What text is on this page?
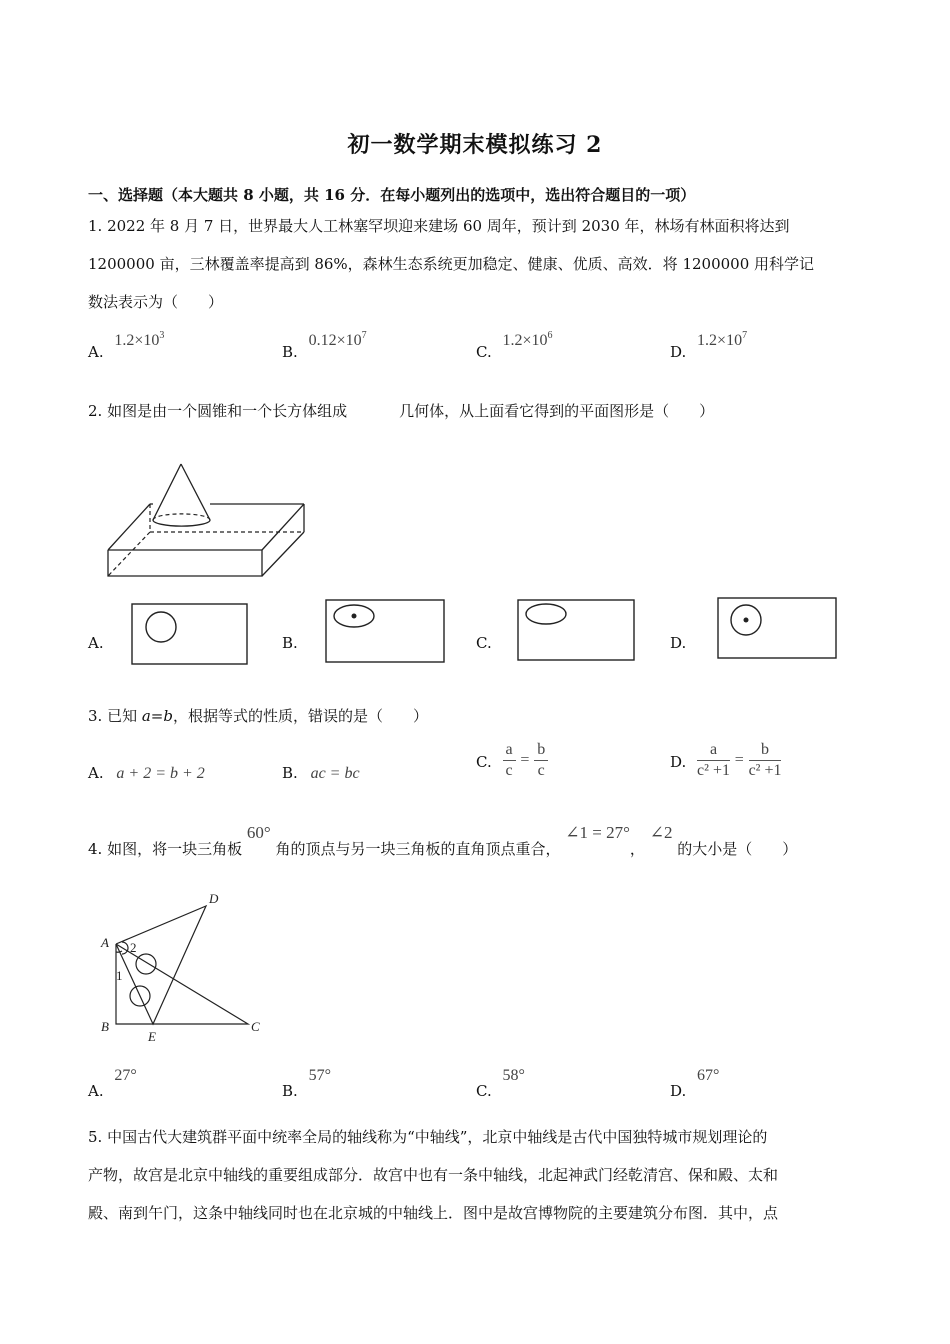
初一数学期末模拟练习 2
一、选择题（本大题共 8 小题，共 16 分．在每小题列出的选项中，选出符合题目的一项）
1. 2022 年 8 月 7 日，世界最大人工林塞罕坝迎来建场 60 周年，预计到 2030 年，林场有林面积将达到
1200000 亩，三林覆盖率提高到 86%，森林生态系统更加稳定、健康、优质、高效．将 1200000 用科学记
数法表示为（　　）
A. $1.2\times 10^3$
B. $0.12\times 10^7$
C. $1.2\times 10^6$
D. $1.2\times 10^7$
2. 如图是由一个圆锥和一个长方体组成	几何体，从上面看它得到的平面图形是（　　）
A.	B.	C.	D.
3. 已知 a=b，根据等式的性质，错误的是（　　）
A. a + 2 = b + 2	B. ac = bc
C. $\frac{a}{c} = \frac{b}{c}$	D. $\frac{a}{\text{c² +1}} = \frac{b}{\text{c² +1}}$
4. 如图，将一块三角板 60° 角的顶点与另一块三角板的直角顶点重合， ∠1 = 27°， ∠2 的大小是（　　）
A
D
B	C
E
2
1
A. 27°
B. 57°
C. 58°
D. 67°
5. 中国古代大建筑群平面中统率全局的轴线称为“中轴线”，北京中轴线是古代中国独特城市规划理论的
产物，故宫是北京中轴线的重要组成部分．故宫中也有一条中轴线，北起神武门经乾清宫、保和殿、太和
殿、南到午门，这条中轴线同时也在北京城的中轴线上．图中是故宫博物院的主要建筑分布图．其中，点
